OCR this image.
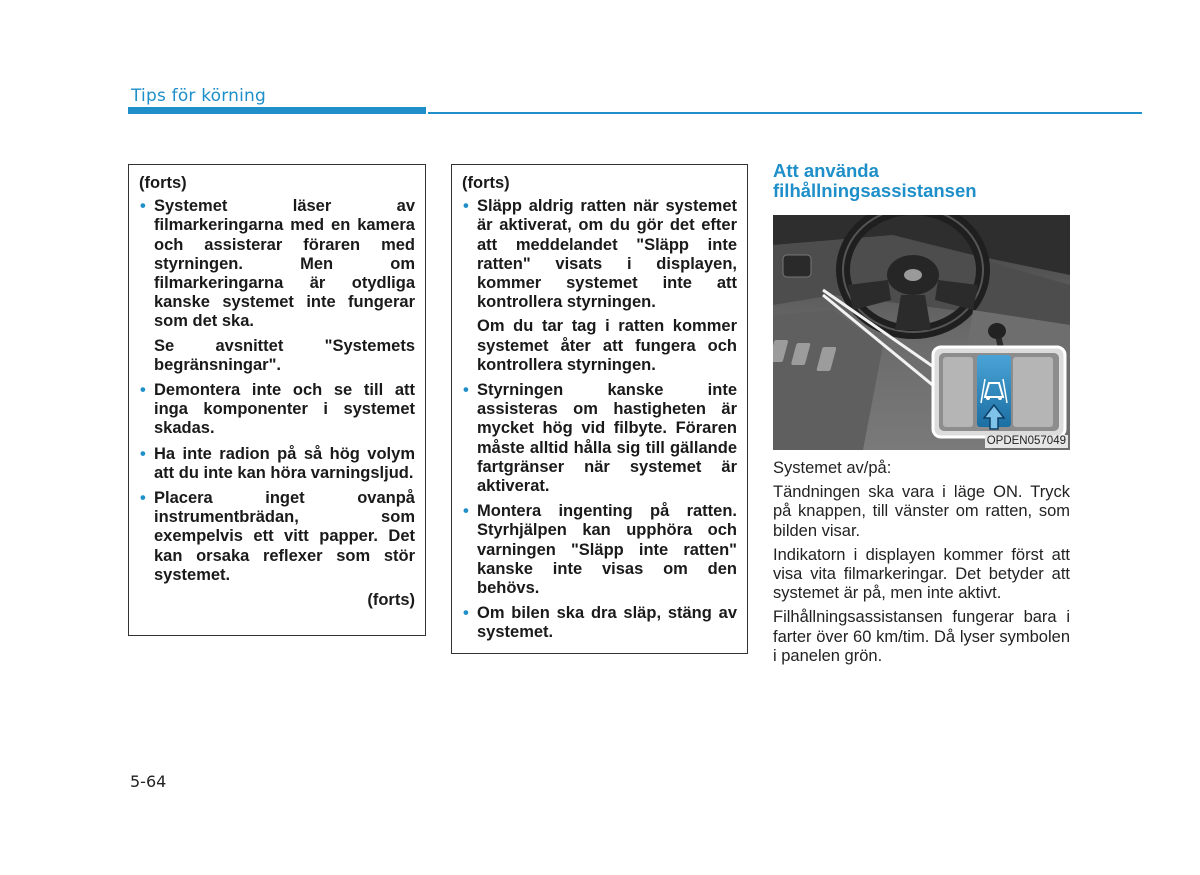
Tips för körning

(forts)

• Systemet läser av filmarkeringarna med en kamera och assisterar föraren med styrningen. Men om filmarkeringarna är otydliga kanske systemet inte fungerar som det ska.

Se avsnittet "Systemets begränsningar".

• Demontera inte och se till att inga komponenter i systemet skadas.

• Ha inte radion på så hög volym att du inte kan höra varningsljud.

• Placera inget ovanpå instrumentbrädan, som exempelvis ett vitt papper. Det kan orsaka reflexer som stör systemet.

(forts)

(forts)

• Släpp aldrig ratten när systemet är aktiverat, om du gör det efter att meddelandet "Släpp inte ratten" visats i displayen, kommer systemet inte att kontrollera styrningen.

Om du tar tag i ratten kommer systemet åter att fungera och kontrollera styrningen.

• Styrningen kanske inte assisteras om hastigheten är mycket hög vid filbyte. Föraren måste alltid hålla sig till gällande fartgränser när systemet är aktiverat.

• Montera ingenting på ratten. Styrhjälpen kan upphöra och varningen "Släpp inte ratten" kanske inte visas om den behövs.

• Om bilen ska dra släp, stäng av systemet.

Att använda
filhållningsassistansen
OPDEN057049

Systemet av/på:

Tändningen ska vara i läge ON. Tryck på knappen, till vänster om ratten, som bilden visar.

Indikatorn i displayen kommer först att visa vita filmarkeringar. Det betyder att systemet är på, men inte aktivt.

Filhållningsassistansen fungerar bara i farter över 60 km/tim. Då lyser symbolen i panelen grön.

5-64
